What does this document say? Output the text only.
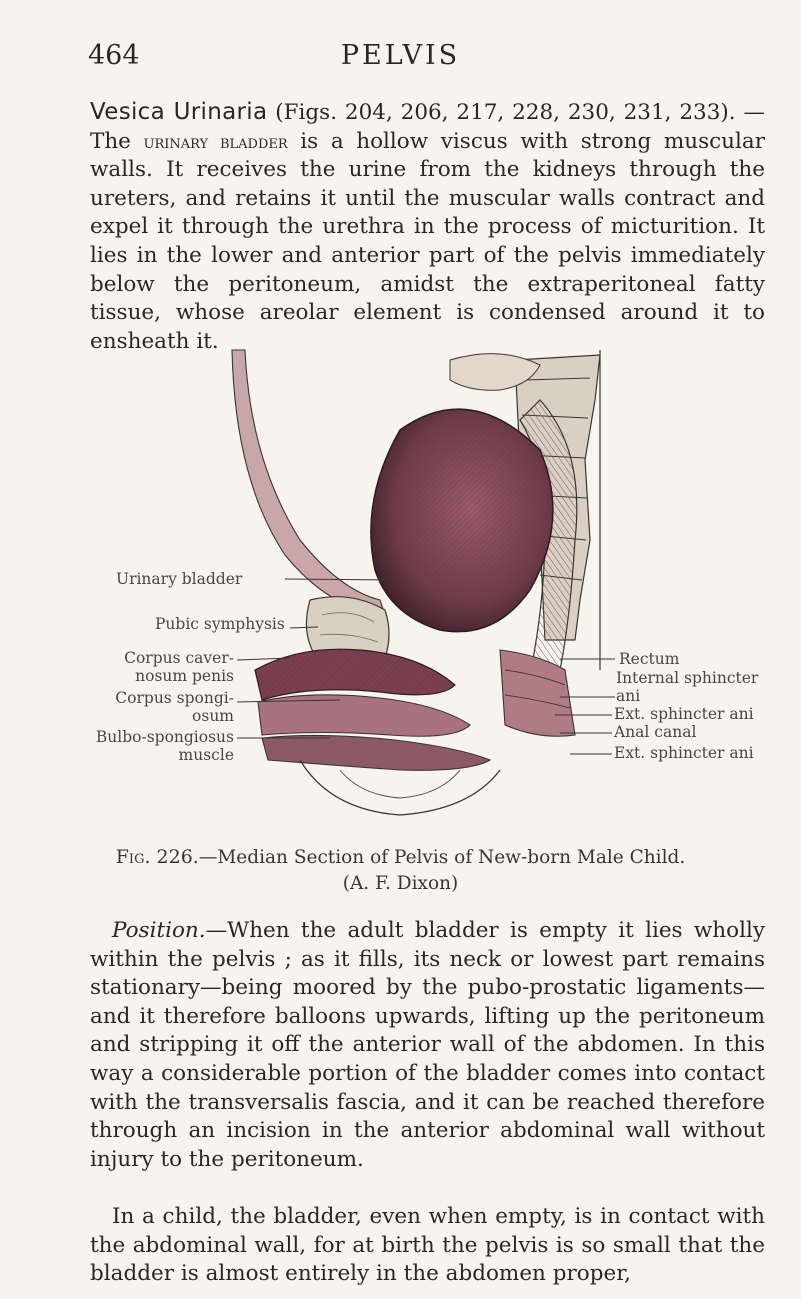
464	PELVIS

Vesica Urinaria (Figs. 204, 206, 217, 228, 230, 231, 233). —The urinary bladder is a hollow viscus with strong muscular walls. It receives the urine from the kidneys through the ureters, and retains it until the muscular walls contract and expel it through the urethra in the process of micturition. It lies in the lower and anterior part of the pelvis immediately below the peritoneum, amidst the extraperitoneal fatty tissue, whose areolar element is condensed around it to ensheath it.

Urinary bladder
Pubic symphysis
Corpus caver-
nosum penis
Corpus spongi-
osum
Bulbo-spongiosus
muscle
Rectum
Internal sphincter
ani
Ext. sphincter ani
Anal canal
Ext. sphincter ani
Fig. 226.—Median Section of Pelvis of New-born Male Child.
(A. F. Dixon)

Position.—When the adult bladder is empty it lies wholly within the pelvis ; as it fills, its neck or lowest part remains stationary—being moored by the pubo-prostatic ligaments—and it therefore balloons upwards, lifting up the peritoneum and stripping it off the anterior wall of the abdomen. In this way a considerable portion of the bladder comes into contact with the transversalis fascia, and it can be reached therefore through an incision in the anterior abdominal wall without injury to the peritoneum.

In a child, the bladder, even when empty, is in contact with the abdominal wall, for at birth the pelvis is so small that the bladder is almost entirely in the abdomen proper,
